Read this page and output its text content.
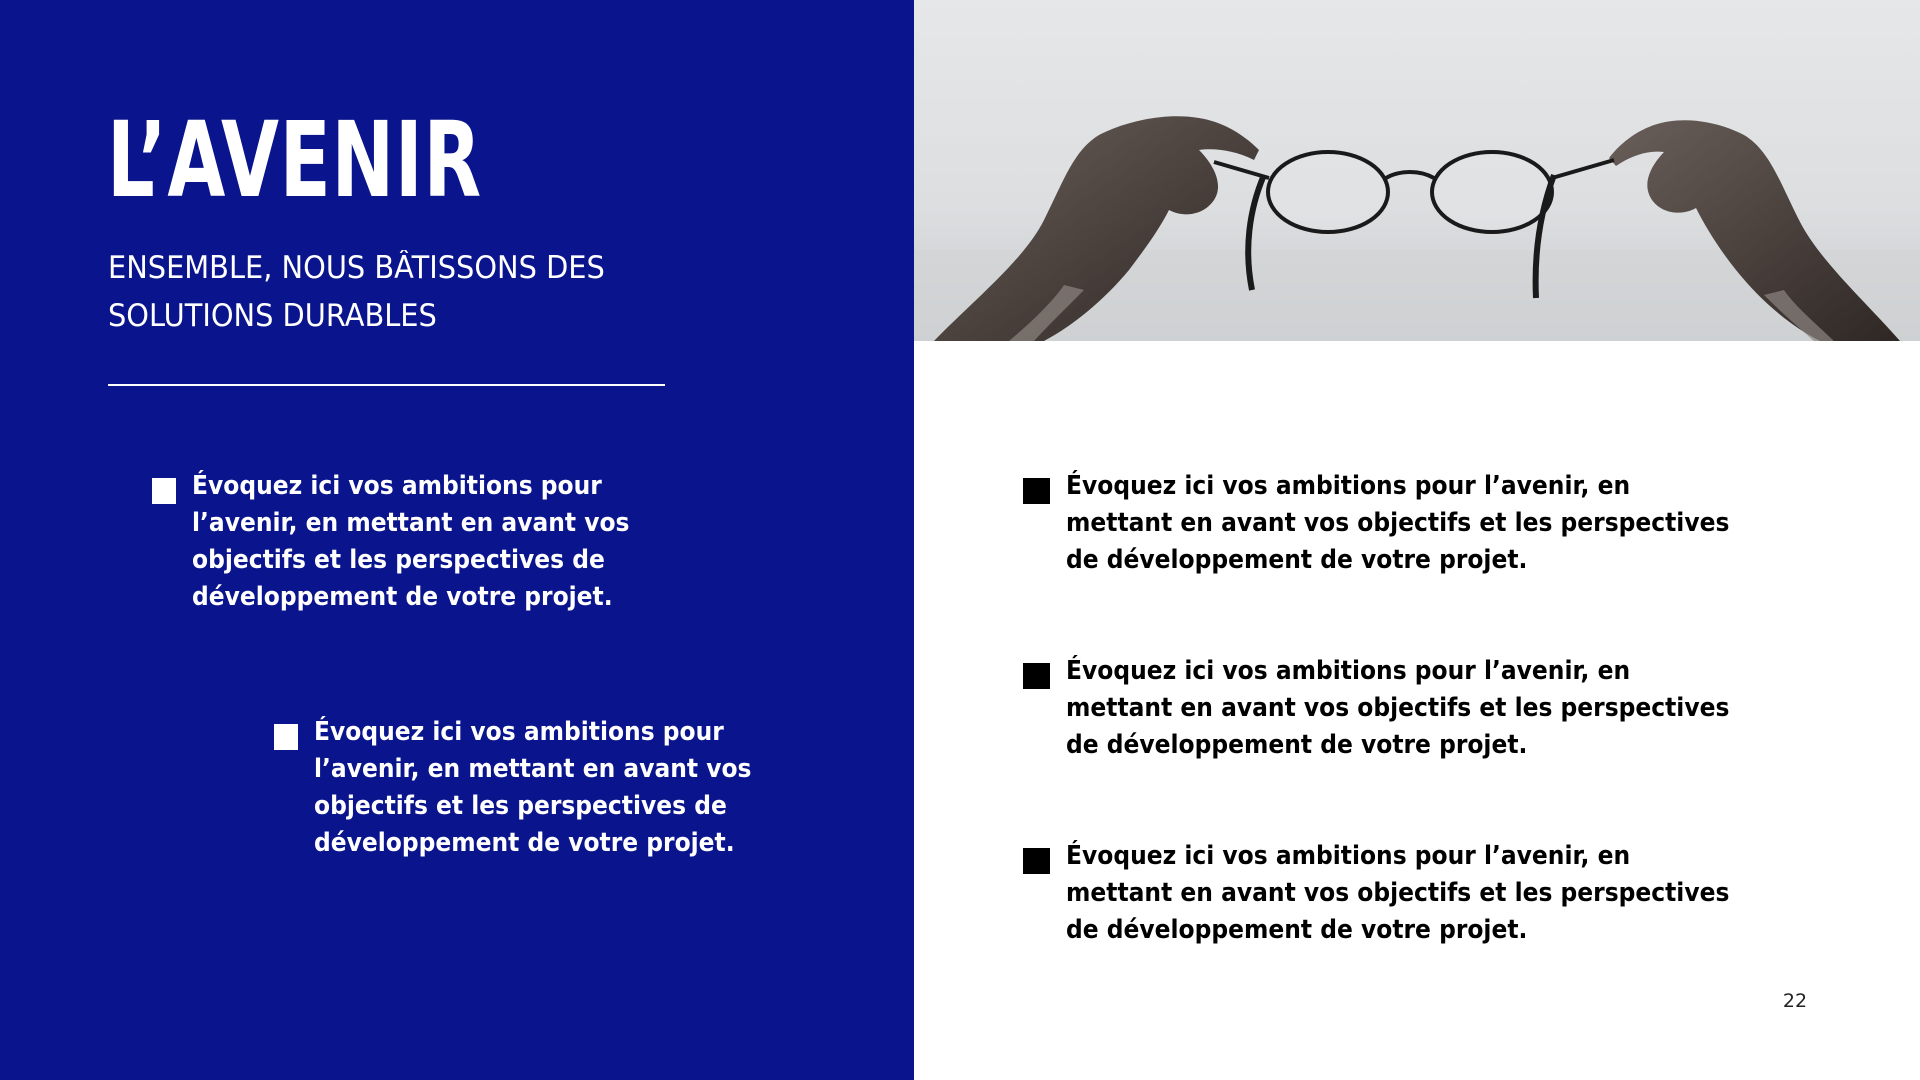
L’AVENIR
ENSEMBLE, NOUS BÂTISSONS DES
SOLUTIONS DURABLES
Évoquez ici vos ambitions pour
l’avenir, en mettant en avant vos
objectifs et les perspectives de
développement de votre projet.
Évoquez ici vos ambitions pour
l’avenir, en mettant en avant vos
objectifs et les perspectives de
développement de votre projet.
Évoquez ici vos ambitions pour l’avenir, en
mettant en avant vos objectifs et les perspectives
de développement de votre projet.
Évoquez ici vos ambitions pour l’avenir, en
mettant en avant vos objectifs et les perspectives
de développement de votre projet.
Évoquez ici vos ambitions pour l’avenir, en
mettant en avant vos objectifs et les perspectives
de développement de votre projet.
22
